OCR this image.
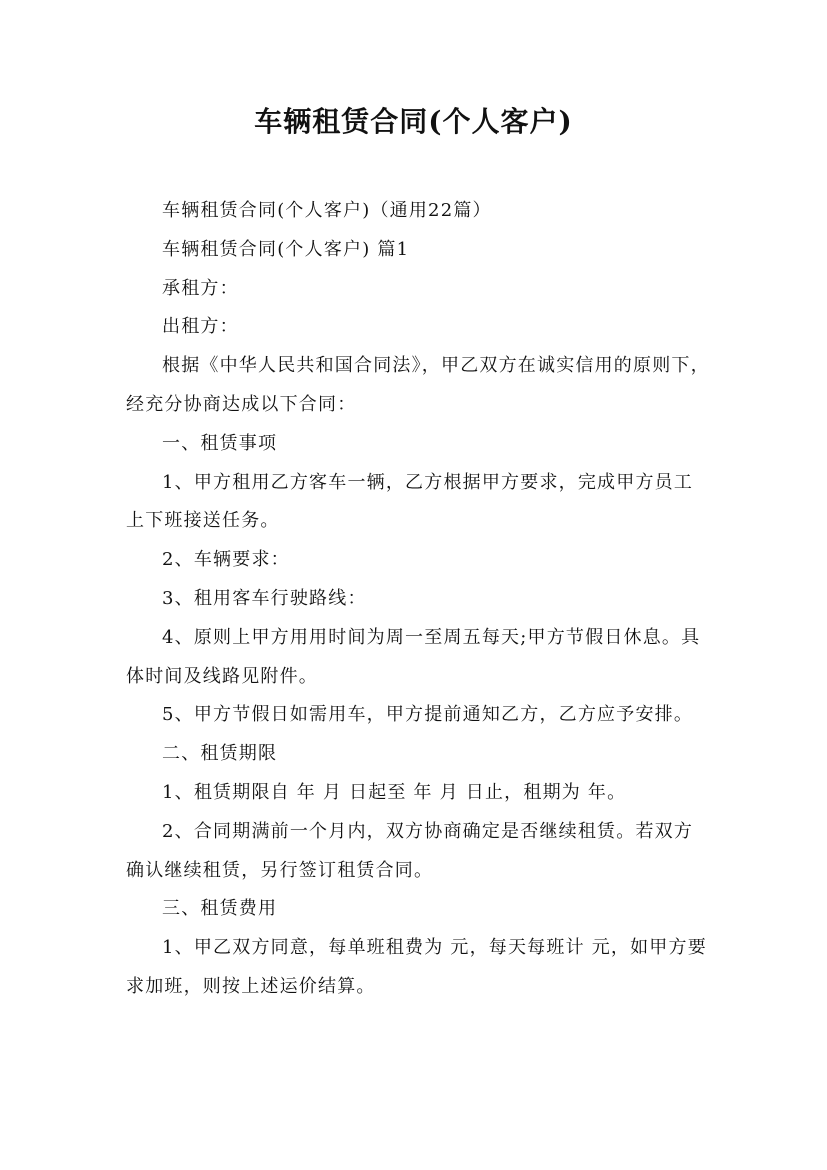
车辆租赁合同(个人客户)

车辆租赁合同(个人客户)（通用22篇）

车辆租赁合同(个人客户) 篇1

承租方：

出租方：

根据《中华人民共和国合同法》，甲乙双方在诚实信用的原则下，经充分协商达成以下合同：

一、租赁事项

1、甲方租用乙方客车一辆，乙方根据甲方要求，完成甲方员工上下班接送任务。

2、车辆要求：

3、租用客车行驶路线：

4、原则上甲方用用时间为周一至周五每天;甲方节假日休息。具体时间及线路见附件。

5、甲方节假日如需用车，甲方提前通知乙方，乙方应予安排。

二、租赁期限

1、租赁期限自 年 月 日起至 年 月 日止，租期为 年。

2、合同期满前一个月内，双方协商确定是否继续租赁。若双方确认继续租赁，另行签订租赁合同。

三、租赁费用

1、甲乙双方同意，每单班租费为 元，每天每班计 元，如甲方要求加班，则按上述运价结算。
